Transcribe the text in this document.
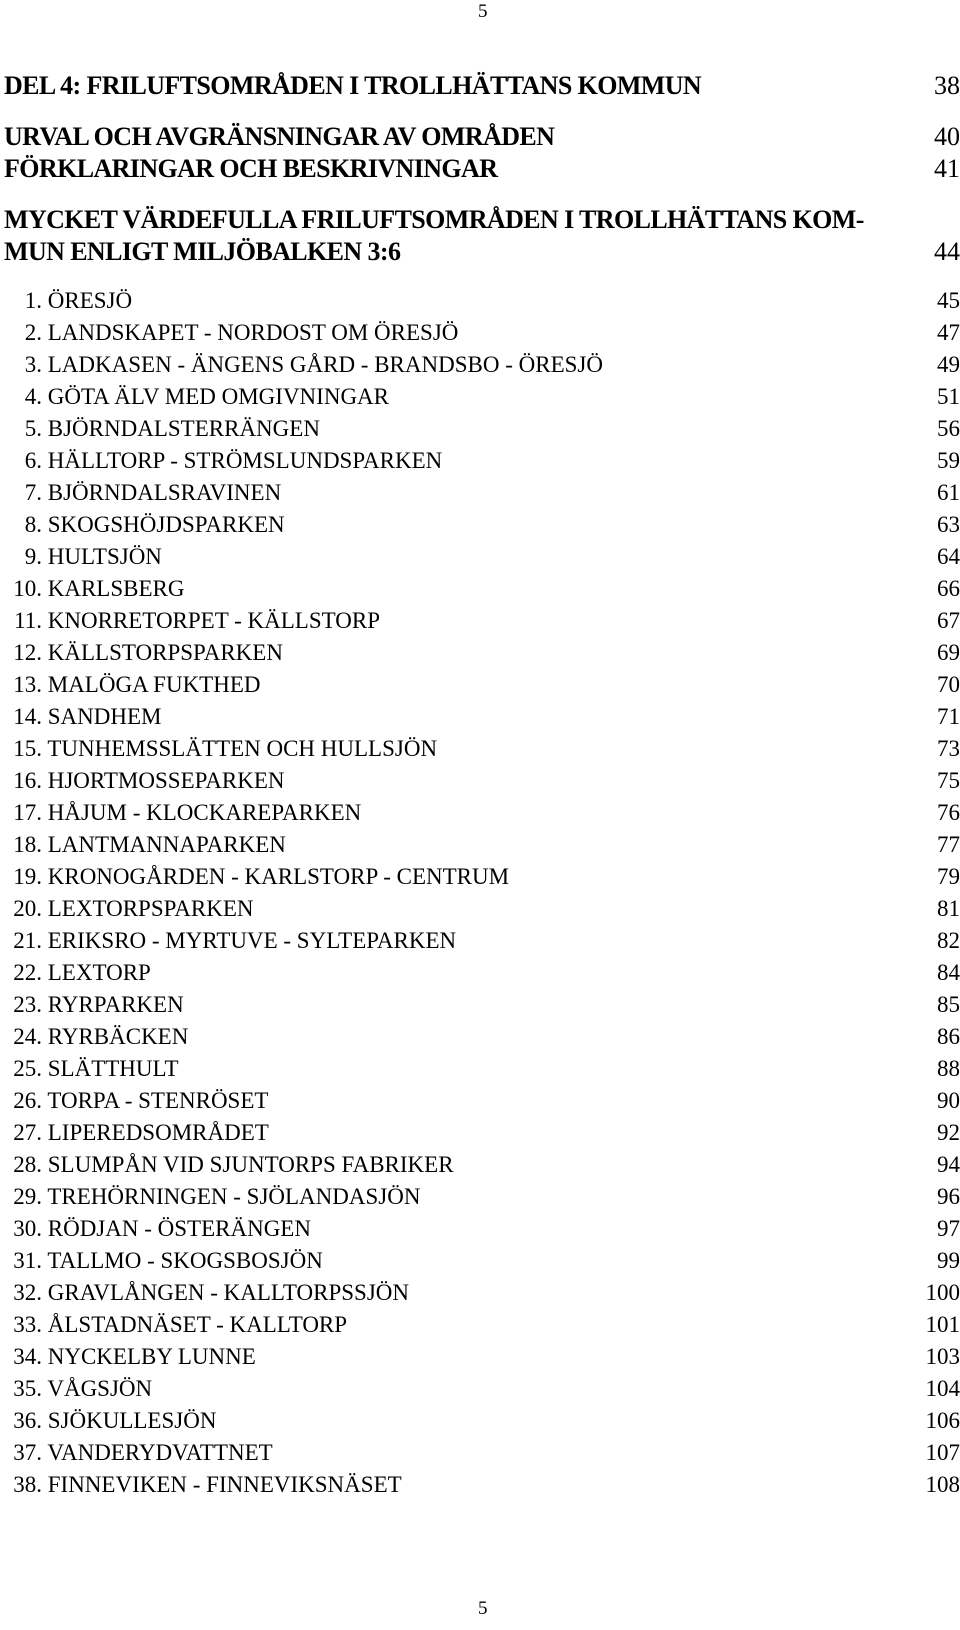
5
DEL 4: FRILUFTSOMRÅDEN I TROLLHÄTTANS KOMMUN	38
URVAL OCH AVGRÄNSNINGAR AV OMRÅDEN	40
FÖRKLARINGAR OCH BESKRIVNINGAR	41
MYCKET VÄRDEFULLA FRILUFTSOMRÅDEN I TROLLHÄTTANS KOM-
MUN ENLIGT MILJÖBALKEN 3:6	44
1. ÖRESJÖ	45
2. LANDSKAPET - NORDOST OM ÖRESJÖ	47
3. LADKASEN - ÄNGENS GÅRD - BRANDSBO - ÖRESJÖ	49
4. GÖTA ÄLV MED OMGIVNINGAR	51
5. BJÖRNDALSTERRÄNGEN	56
6. HÄLLTORP - STRÖMSLUNDSPARKEN	59
7. BJÖRNDALSRAVINEN	61
8. SKOGSHÖJDSPARKEN	63
9. HULTSJÖN	64
10. KARLSBERG	66
11. KNORRETORPET - KÄLLSTORP	67
12. KÄLLSTORPSPARKEN	69
13. MALÖGA FUKTHED	70
14. SANDHEM	71
15. TUNHEMSSLÄTTEN OCH HULLSJÖN	73
16. HJORTMOSSEPARKEN	75
17. HÅJUM - KLOCKAREPARKEN	76
18. LANTMANNAPARKEN	77
19. KRONOGÅRDEN - KARLSTORP - CENTRUM	79
20. LEXTORPSPARKEN	81
21. ERIKSRO - MYRTUVE - SYLTEPARKEN	82
22. LEXTORP	84
23. RYRPARKEN	85
24. RYRBÄCKEN	86
25. SLÄTTHULT	88
26. TORPA - STENRÖSET	90
27. LIPEREDSOMRÅDET	92
28. SLUMPÅN VID SJUNTORPS FABRIKER	94
29. TREHÖRNINGEN - SJÖLANDASJÖN	96
30. RÖDJAN - ÖSTERÄNGEN	97
31. TALLMO - SKOGSBOSJÖN	99
32. GRAVLÅNGEN - KALLTORPSSJÖN	100
33. ÅLSTADNÄSET - KALLTORP	101
34. NYCKELBY LUNNE	103
35. VÅGSJÖN	104
36. SJÖKULLESJÖN	106
37. VANDERYDVATTNET	107
38. FINNEVIKEN - FINNEVIKSNÄSET	108
5
